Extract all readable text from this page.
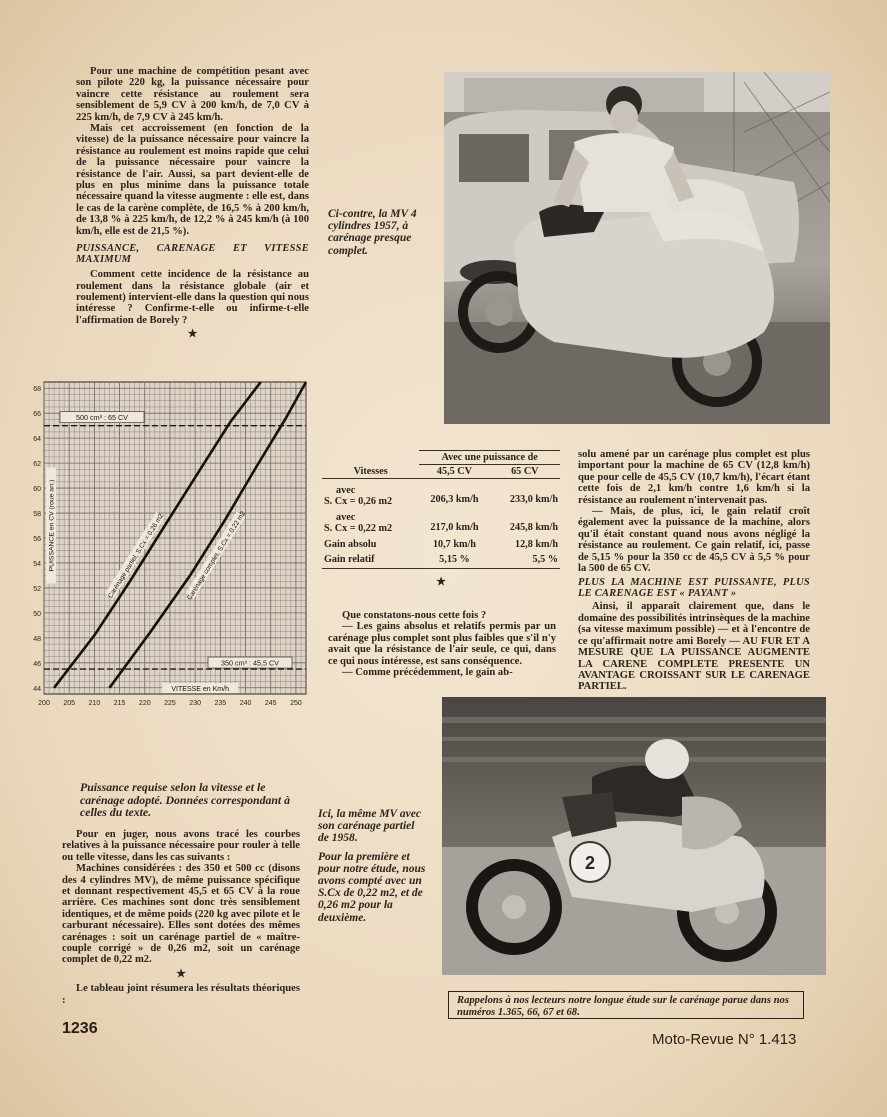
Pour une machine de compétition pesant avec son pilote 220 kg, la puissance nécessaire pour vaincre cette résistance au roulement sera sensiblement de 5,9 CV à 200 km/h, de 7,0 CV à 225 km/h, de 7,9 CV à 245 km/h.

Mais cet accroissement (en fonction de la vitesse) de la puissance nécessaire pour vaincre la résistance au roulement est moins rapide que celui de la puissance nécessaire pour vaincre la résistance de l'air. Aussi, sa part devient-elle de plus en plus minime dans la puissance totale nécessaire quand la vitesse augmente : elle est, dans le cas de la carène complète, de 16,5 % à 200 km/h, de 13,8 % à 225 km/h, de 12,2 % à 245 km/h (à 100 km/h, elle est de 21,5 %).

PUISSANCE, CARENAGE ET VITESSE MAXIMUM

Comment cette incidence de la résistance au roulement dans la résistance globale (air et roulement) intervient-elle dans la question qui nous intéresse ? Confirme-t-elle ou infirme-t-elle l'affirmation de Borely ?

★
Ci-contre, la MV 4 cylindres 1957, à carénage presque complet.
44
46
48
50
52
54
56
58
60
62
64
66
68
200 205 210 215 220 225 230 235 240 245 250
500 cm³ : 65 CV
350 cm³ : 45,5 CV
Carénage partiel, S.Cx = 0,26 m2	Carénage complet, S.Cx = 0,22 m2
VITESSE en Km/h
PUISSANCE en CV (roue arr.)
Puissance requise selon la vitesse et le carénage adopté. Données correspondant à celles du texte.

Pour en juger, nous avons tracé les courbes relatives à la puissance nécessaire pour rouler à telle ou telle vitesse, dans les cas suivants :

Machines considérées : des 350 et 500 cc (disons des 4 cylindres MV), de même puissance spécifique et donnant respectivement 45,5 et 65 CV à la roue arrière. Ces machines sont donc très sensiblement identiques, et de même poids (220 kg avec pilote et le carburant nécessaire). Elles sont dotées des mêmes carénages : soit un carénage partiel de « maître-couple corrigé » de 0,26 m2, soit un carénage complet de 0,22 m2.

★

Le tableau joint résumera les résultats théoriques :

	Avec une puissance de	
Vitesses	45,5 CV	65 CV

avec
S. Cx = 0,26 m2	206,3 km/h	233,0 km/h

avec
S. Cx = 0,22 m2	217,0 km/h	245,8 km/h
Gain absolu	10,7 km/h	12,8 km/h
Gain relatif	5,15 %	5,5 %
★

Que constatons-nous cette fois ?

— Les gains absolus et relatifs permis par un carénage plus complet sont plus faibles que s'il n'y avait que la résistance de l'air seule, ce qui, dans ce qui nous intéresse, est sans conséquence.

— Comme précédemment, le gain ab-

solu amené par un carénage plus complet est plus important pour la machine de 65 CV (12,8 km/h) que pour celle de 45,5 CV (10,7 km/h), l'écart étant cette fois de 2,1 km/h contre 1,6 km/h si la résistance au roulement n'intervenait pas.

— Mais, de plus, ici, le gain relatif croît également avec la puissance de la machine, alors qu'il était constant quand nous avons négligé la résistance au roulement. Ce gain relatif, ici, passe de 5,15 % pour la 350 cc de 45,5 CV à 5,5 % pour la 500 de 65 CV.

PLUS LA MACHINE EST PUISSANTE, PLUS LE CARENAGE EST « PAYANT »

Ainsi, il apparaît clairement que, dans le domaine des possibilités intrinsèques de la machine (sa vitesse maximum possible) — et à l'encontre de ce qu'affirmait notre ami Borely — AU FUR ET A MESURE QUE LA PUISSANCE AUGMENTE LA CARENE COMPLETE PRESENTE UN AVANTAGE CROISSANT SUR LE CARENAGE PARTIEL.

2
Ici, la même MV avec son carénage partiel de 1958.
Pour la première et pour notre étude, nous avons compté avec un S.Cx de 0,22 m2, et de 0,26 m2 pour la deuxième.
Rappelons à nos lecteurs notre longue étude sur le carénage parue dans nos numéros 1.365, 66, 67 et 68.
1236
Moto-Revue N° 1.413
